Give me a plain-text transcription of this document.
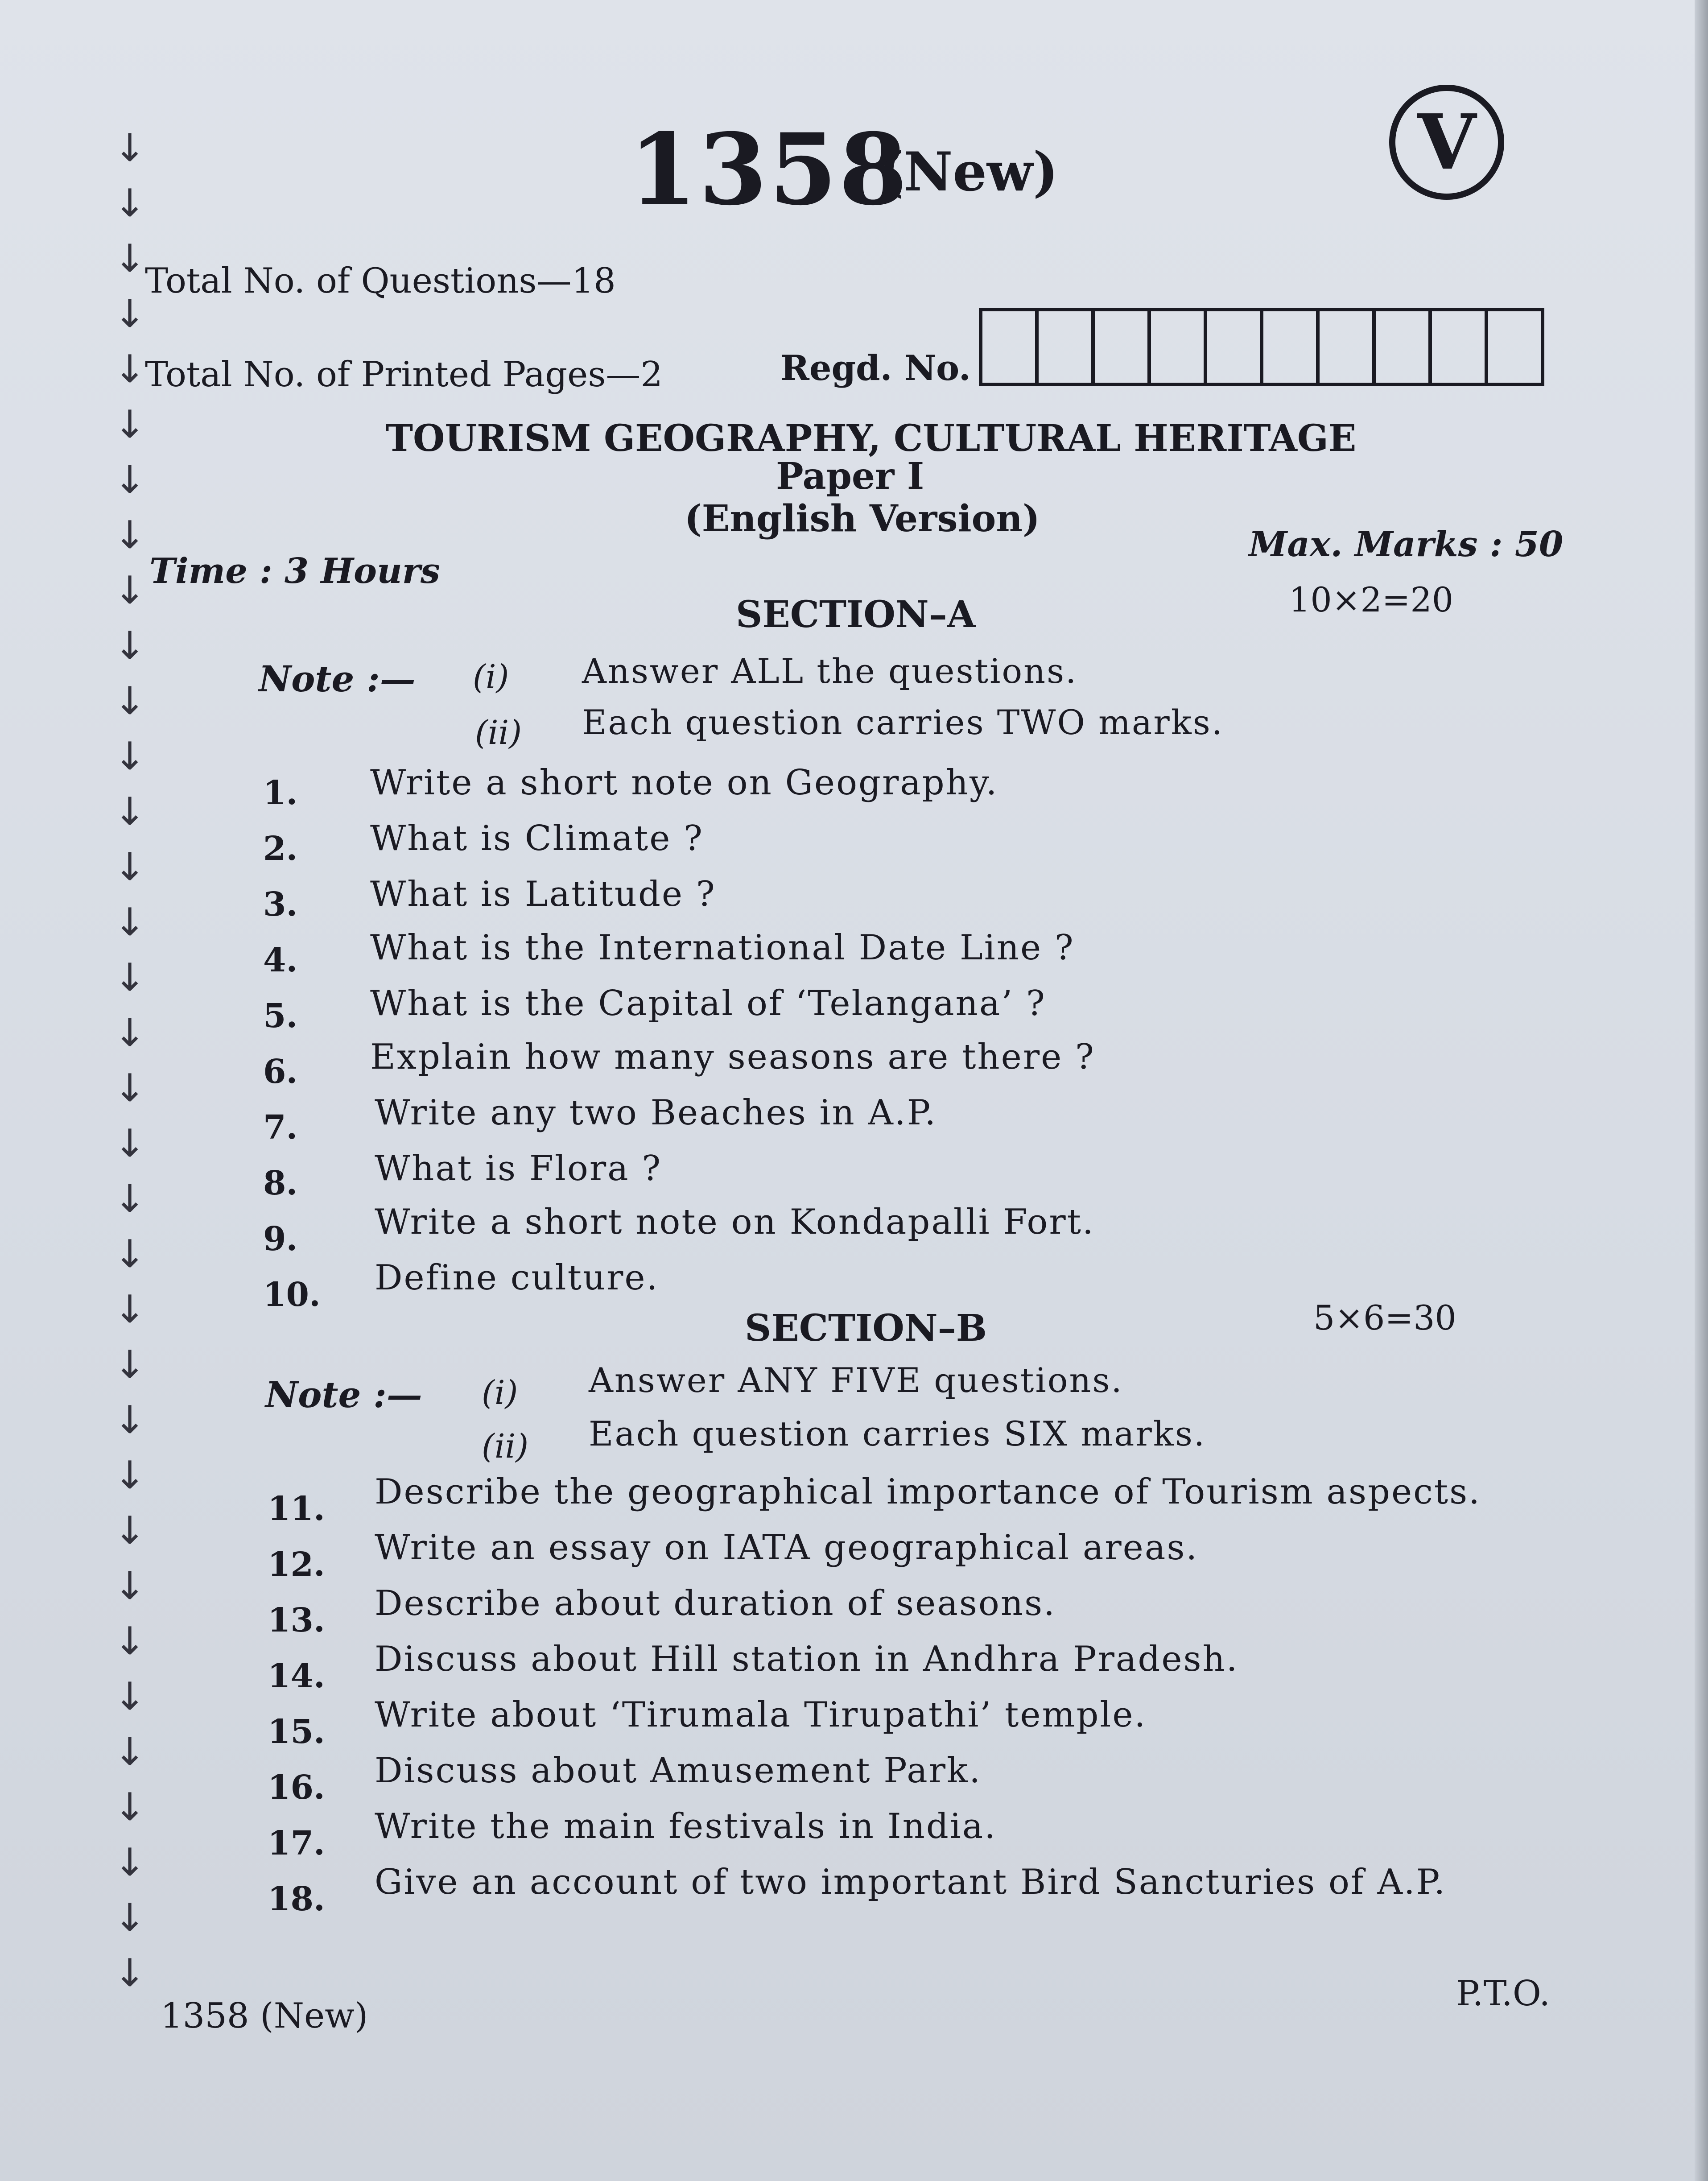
↓
↓
↓
↓
↓
↓
↓
↓
↓
↓
↓
↓
↓
↓
↓
↓
↓
↓
↓
↓
↓
↓
↓
↓
↓
↓
↓
↓
↓
↓
↓
↓
↓
↓
1358
(New)	V
Total No. of Questions—18
Total No. of Printed Pages—2	Regd. No.
TOURISM GEOGRAPHY, CULTURAL HERITAGE
Paper I
(English Version)
Time : 3 Hours
Max. Marks : 50
SECTION–A	10×2=20
Note :— (i) Answer ALL the questions.
(ii) Each question carries TWO marks.
1. Write a short note on Geography.
2. What is Climate ?
3. What is Latitude ?
4. What is the International Date Line ?
5. What is the Capital of ‘Telangana’ ?
6. Explain how many seasons are there ?
7. Write any two Beaches in A.P.
8. What is Flora ?
9. Write a short note on Kondapalli Fort.
10. Define culture.
SECTION–B	5×6=30
Note :— (i) Answer ANY FIVE questions.
(ii) Each question carries SIX marks.
11. Describe the geographical importance of Tourism aspects.
12. Write an essay on IATA geographical areas.
13. Describe about duration of seasons.
14. Discuss about Hill station in Andhra Pradesh.
15. Write about ‘Tirumala Tirupathi’ temple.
16. Discuss about Amusement Park.
17. Write the main festivals in India.
18. Give an account of two important Bird Sancturies of A.P.
1358 (New)
P.T.O.
